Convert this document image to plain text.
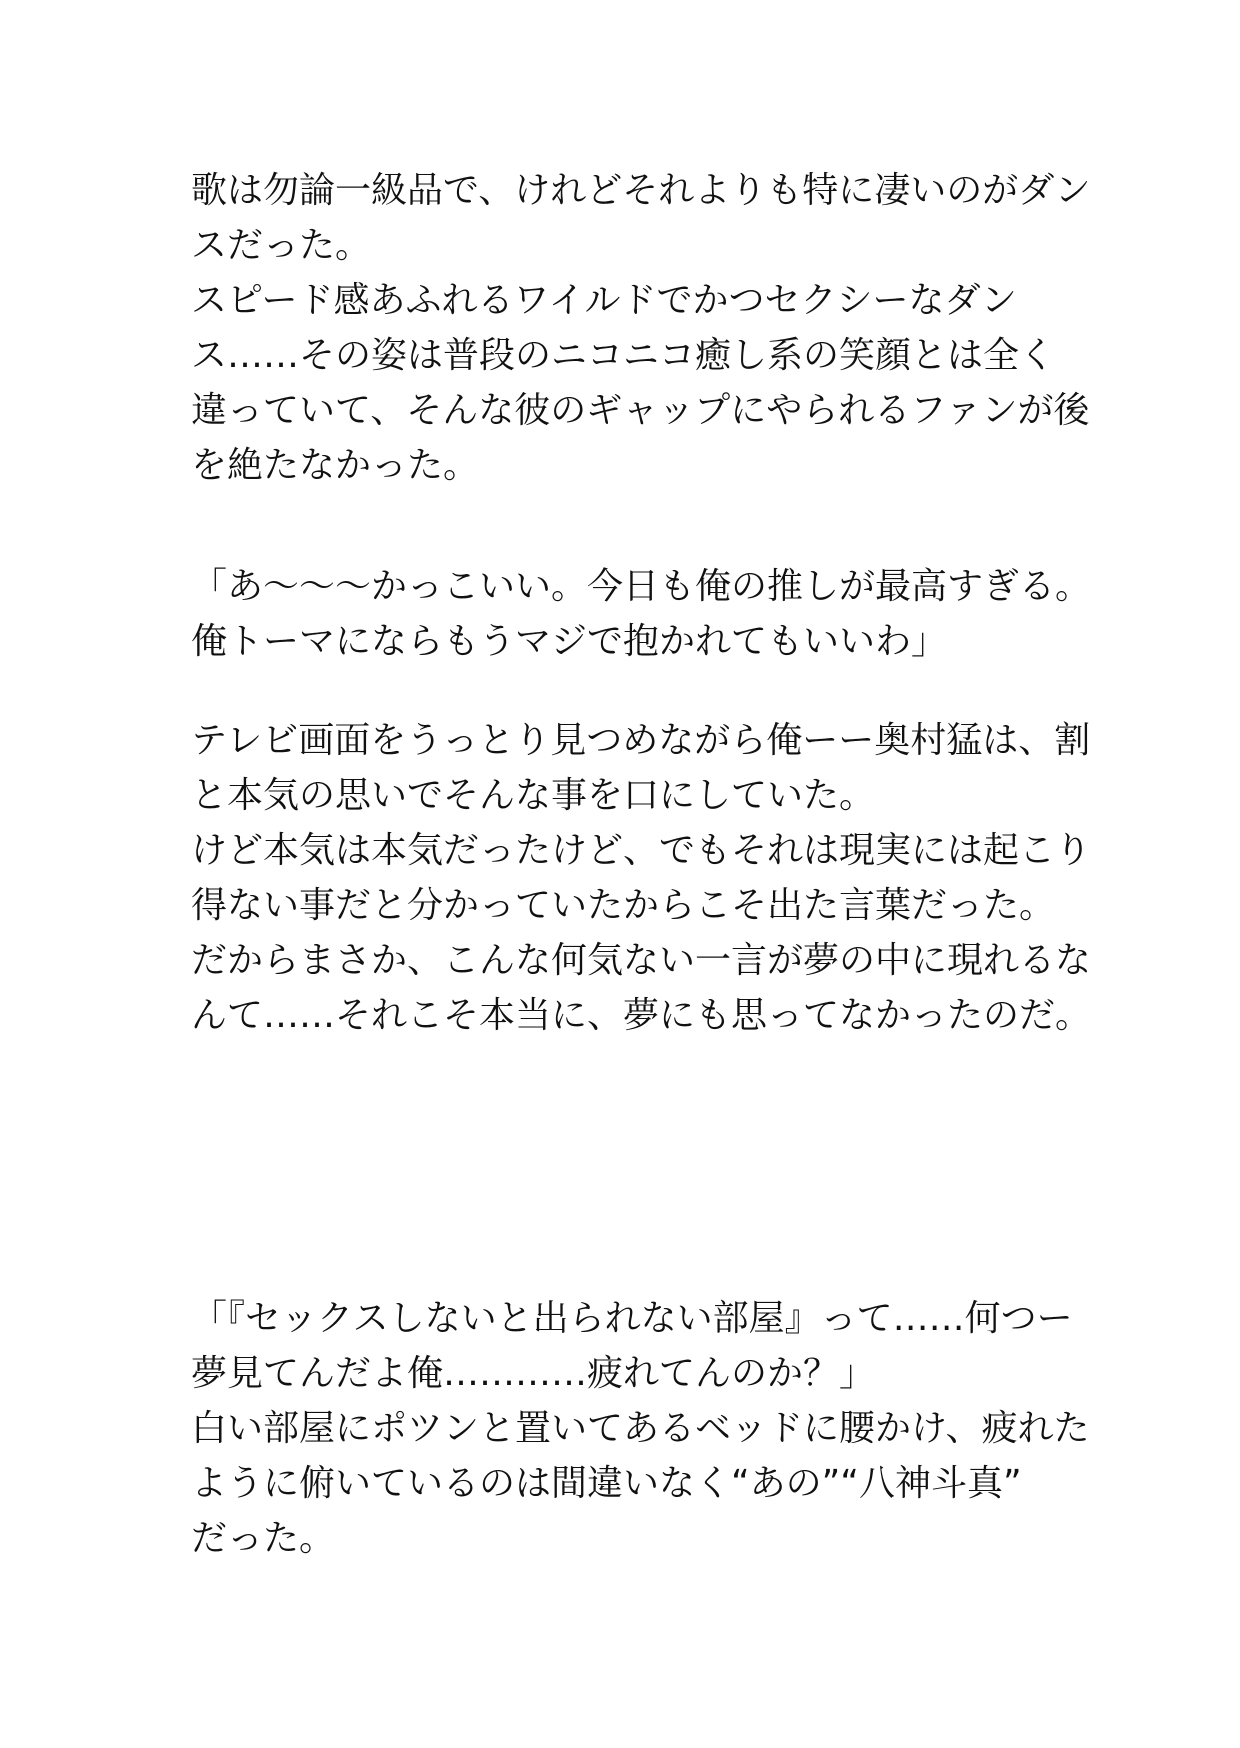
歌は勿論一級品で、けれどそれよりも特に凄いのがダン
スだった。
スピード感あふれるワイルドでかつセクシーなダン
ス……その姿は普段のニコニコ癒し系の笑顔とは全く
違っていて、そんな彼のギャップにやられるファンが後
を絶たなかった。
「あ〜〜〜かっこいい。今日も俺の推しが最高すぎる。
俺トーマにならもうマジで抱かれてもいいわ」
テレビ画面をうっとり見つめながら俺ーー奥村猛は、割
と本気の思いでそんな事を口にしていた。
けど本気は本気だったけど、でもそれは現実には起こり
得ない事だと分かっていたからこそ出た言葉だった。
だからまさか、こんな何気ない一言が夢の中に現れるな
んて……それこそ本当に、夢にも思ってなかったのだ。
「『セックスしないと出られない部屋』って……何つー
夢見てんだよ俺…………疲れてんのか？」
白い部屋にポツンと置いてあるベッドに腰かけ、疲れた
ように俯いているのは間違いなく“あの”“八神斗真”
だった。
